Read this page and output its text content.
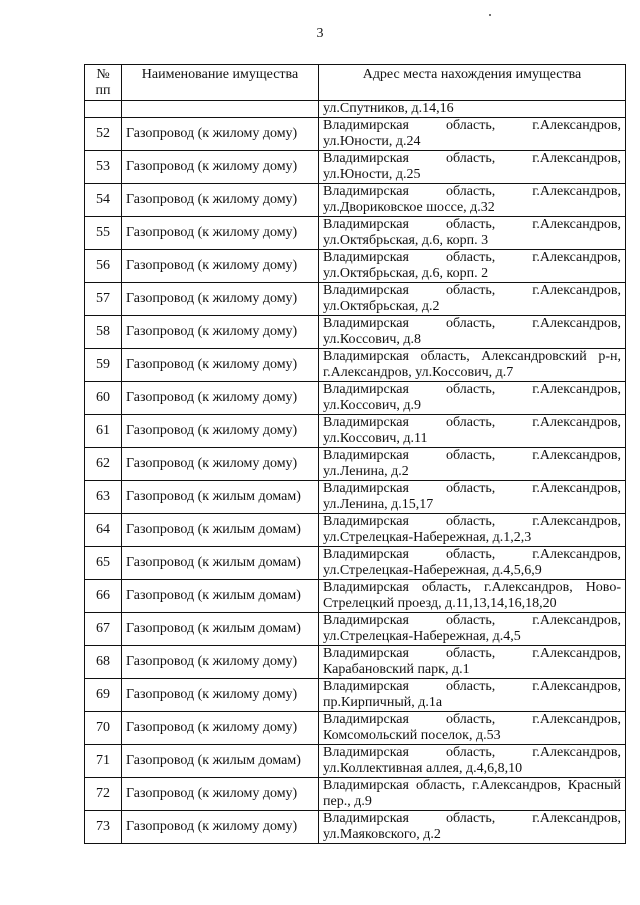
3
№
пп	Наименование имущества	Адрес места нахождения имущества
		ул.Спутников, д.14,16
52	Газопровод (к жилому дому)	Владимирская область, г.Александров,
ул.Юности, д.24

53	Газопровод (к жилому дому)	Владимирская область, г.Александров,
ул.Юности, д.25

54	Газопровод (к жилому дому)	Владимирская область, г.Александров,
ул.Двориковское шоссе, д.32

55	Газопровод (к жилому дому)	Владимирская область, г.Александров,
ул.Октябрьская, д.6, корп. 3

56	Газопровод (к жилому дому)	Владимирская область, г.Александров,
ул.Октябрьская, д.6, корп. 2

57	Газопровод (к жилому дому)	Владимирская область, г.Александров,
ул.Октябрьская, д.2

58	Газопровод (к жилому дому)	Владимирская область, г.Александров,
ул.Коссович, д.8

59	Газопровод (к жилому дому)	Владимирская область, Александровский р-н,
г.Александров, ул.Коссович, д.7

60	Газопровод (к жилому дому)	Владимирская область, г.Александров,
ул.Коссович, д.9

61	Газопровод (к жилому дому)	Владимирская область, г.Александров,
ул.Коссович, д.11

62	Газопровод (к жилому дому)	Владимирская область, г.Александров,
ул.Ленина, д.2

63	Газопровод (к жилым домам)	Владимирская область, г.Александров,
ул.Ленина, д.15,17

64	Газопровод (к жилым домам)	Владимирская область, г.Александров,
ул.Стрелецкая-Набережная, д.1,2,3

65	Газопровод (к жилым домам)	Владимирская область, г.Александров,
ул.Стрелецкая-Набережная, д.4,5,6,9

66	Газопровод (к жилым домам)	Владимирская область, г.Александров, Ново-
Стрелецкий проезд, д.11,13,14,16,18,20

67	Газопровод (к жилым домам)	Владимирская область, г.Александров,
ул.Стрелецкая-Набережная, д.4,5

68	Газопровод (к жилому дому)	Владимирская область, г.Александров,
Карабановский парк, д.1

69	Газопровод (к жилому дому)	Владимирская область, г.Александров,
пр.Кирпичный, д.1а

70	Газопровод (к жилому дому)	Владимирская область, г.Александров,
Комсомольский поселок, д.53

71	Газопровод (к жилым домам)	Владимирская область, г.Александров,
ул.Коллективная аллея, д.4,6,8,10

72	Газопровод (к жилому дому)	Владимирская область, г.Александров, Красный
пер., д.9

73	Газопровод (к жилому дому)	Владимирская область, г.Александров,
ул.Маяковского, д.2
